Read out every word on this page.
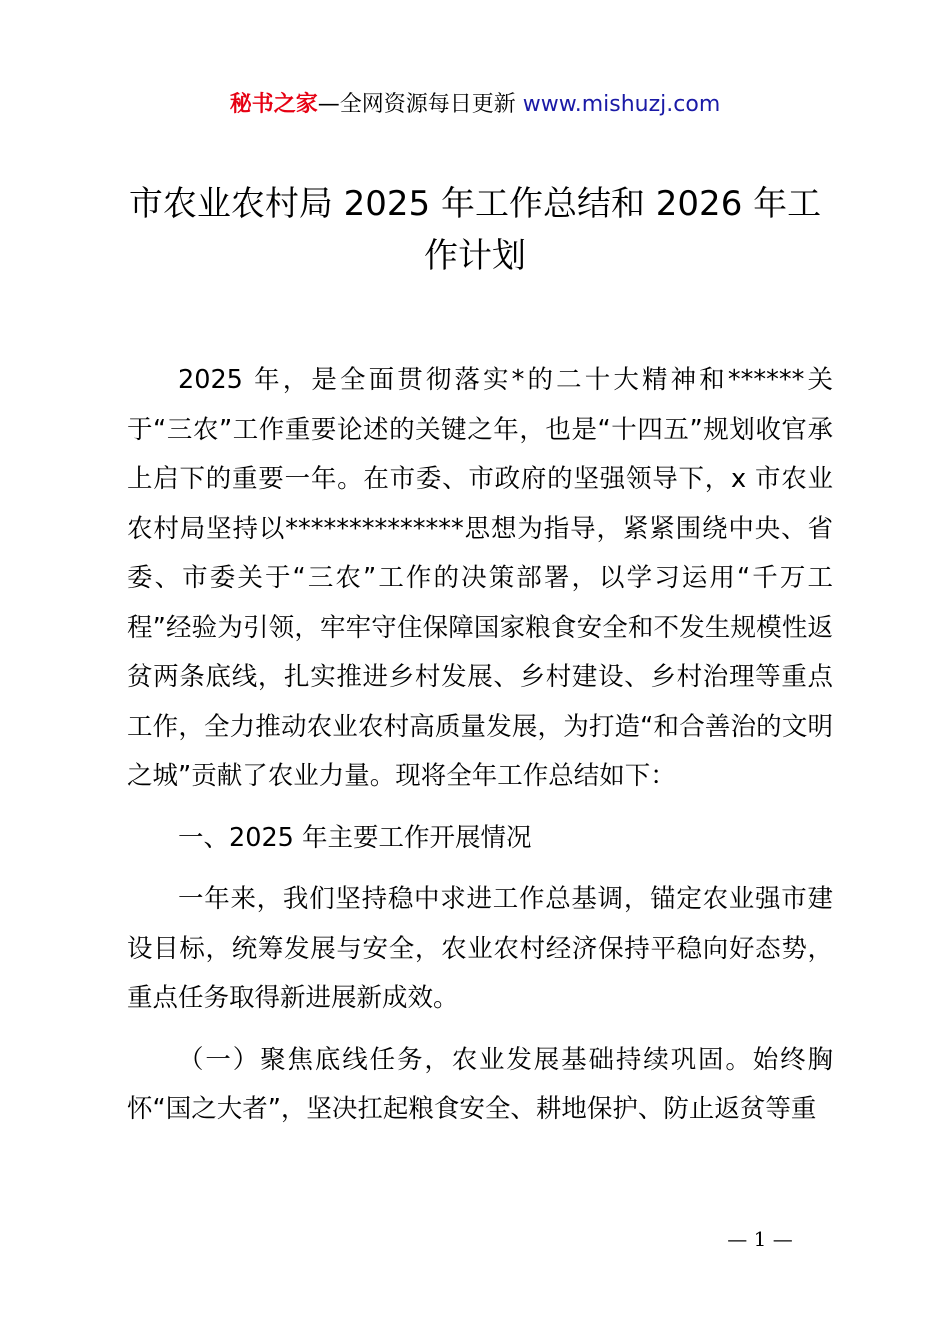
秘书之家—全网资源每日更新 www.mishuzj.com
市农业农村局 2025 年工作总结和 2026 年工作计划

2025 年，是全面贯彻落实*的二十大精神和******关于“三农”工作重要论述的关键之年，也是“十四五”规划收官承上启下的重要一年。在市委、市政府的坚强领导下，x 市农业农村局坚持以**************思想为指导，紧紧围绕中央、省委、市委关于“三农”工作的决策部署，以学习运用“千万工程”经验为引领，牢牢守住保障国家粮食安全和不发生规模性返贫两条底线，扎实推进乡村发展、乡村建设、乡村治理等重点工作，全力推动农业农村高质量发展，为打造“和合善治的文明之城”贡献了农业力量。现将全年工作总结如下：

一、2025 年主要工作开展情况

一年来，我们坚持稳中求进工作总基调，锚定农业强市建设目标，统筹发展与安全，农业农村经济保持平稳向好态势，重点任务取得新进展新成效。

（一）聚焦底线任务，农业发展基础持续巩固。始终胸怀“国之大者”，坚决扛起粮食安全、耕地保护、防止返贫等重

— 1 —
